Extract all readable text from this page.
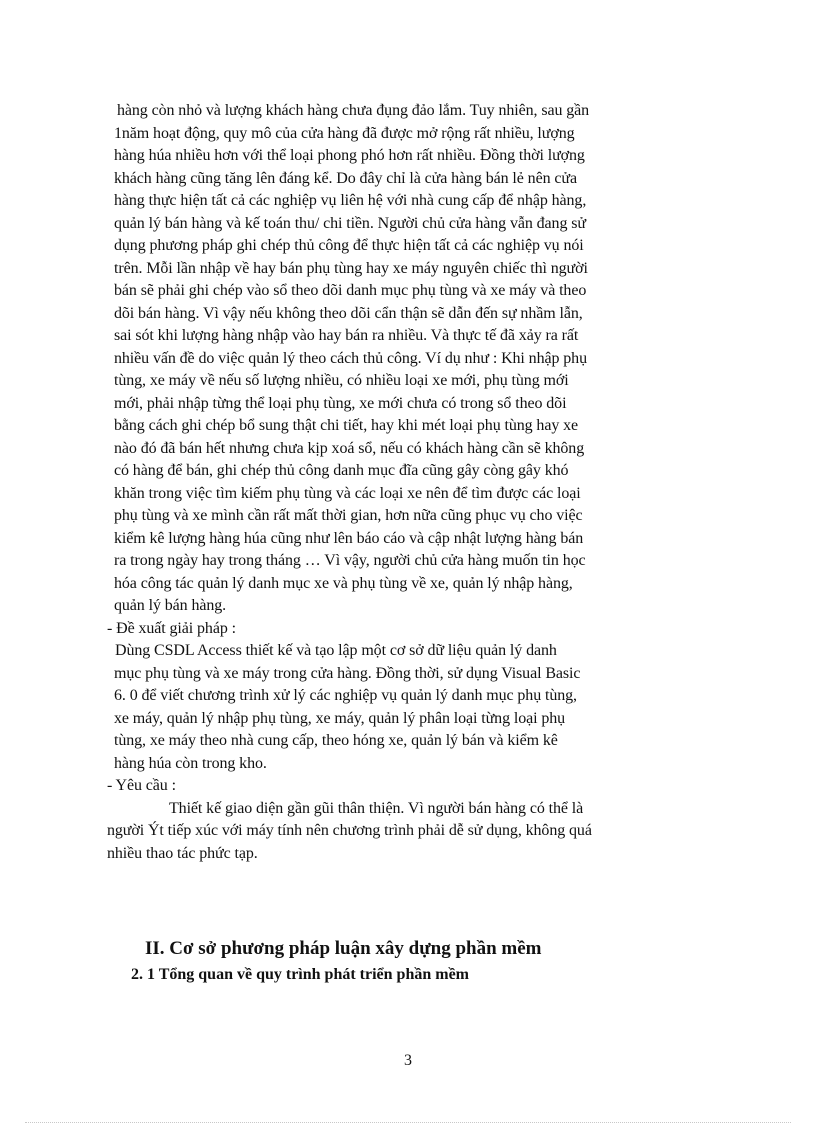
hàng còn nhỏ và lượng khách hàng chưa đụng đảo lắm. Tuy nhiên, sau gần
1năm hoạt động, quy mô của cửa hàng đã được mở rộng rất nhiều, lượng
hàng húa nhiều hơn với thể loại phong phó hơn rất nhiều. Đồng thời lượng
khách hàng cũng tăng lên đáng kể. Do đây chỉ là cửa hàng bán lẻ nên cửa
hàng thực hiện tất cả các nghiệp vụ liên hệ với nhà cung cấp để nhập hàng,
quản lý bán hàng và kế toán thu/ chi tiền. Người chủ cửa hàng vẫn đang sử
dụng phương pháp ghi chép thủ công để thực hiện tất cả các nghiệp vụ nói
trên. Mỗi lần nhập về hay bán phụ tùng hay xe máy nguyên chiếc thì người
bán sẽ phải ghi chép vào sổ theo dõi danh mục phụ tùng và xe máy và theo
dõi bán hàng. Vì vậy nếu không theo dõi cẩn thận sẽ dẫn đến sự nhầm lẫn,
sai sót khi lượng hàng nhập vào hay bán ra nhiều. Và thực tế đã xảy ra rất
nhiều vấn đề do việc quản lý theo cách thủ công. Ví dụ như : Khi nhập phụ
tùng, xe máy về nếu số lượng nhiều, có nhiều loại xe mới, phụ tùng mới
mới, phải nhập từng thể loại phụ tùng, xe mới chưa có trong sổ theo dõi
bằng cách ghi chép bổ sung thật chi tiết, hay khi mét loại phụ tùng hay xe
nào đó đã bán hết nhưng chưa kịp xoá sổ, nếu có khách hàng cần sẽ không
có hàng để bán, ghi chép thủ công danh mục đĩa cũng gây còng gây khó
khăn trong việc tìm kiếm phụ tùng và các loại xe nên để tìm được các loại
phụ tùng và xe mình cần rất mất thời gian, hơn nữa cũng phục vụ cho việc
kiểm kê lượng hàng húa cũng như lên báo cáo và cập nhật lượng hàng bán
ra trong ngày hay trong tháng … Vì vậy, người chủ cửa hàng muốn tin học
hóa công tác quản lý danh mục xe và phụ tùng về xe, quản lý nhập hàng,
quản lý bán hàng.
- Đề xuất giải pháp :
Dùng CSDL Access thiết kế và tạo lập một cơ sở dữ liệu quản lý danh
mục phụ tùng và xe máy trong cửa hàng. Đồng thời, sử dụng Visual Basic
6. 0 để viết chương trình xử lý các nghiệp vụ quản lý danh mục phụ tùng,
xe máy, quản lý nhập phụ tùng, xe máy, quản lý phân loại từng loại phụ
tùng, xe máy theo nhà cung cấp, theo hóng xe, quản lý bán và kiểm kê
hàng húa còn trong kho.
- Yêu cầu :
Thiết kế giao diện gần gũi thân thiện. Vì người bán hàng có thể là
người Ýt tiếp xúc với máy tính nên chương trình phải dễ sử dụng, không quá
nhiều thao tác phức tạp.
II. Cơ sở phương pháp luận xây dựng phần mềm
2. 1 Tổng quan về quy trình phát triển phần mềm
3
